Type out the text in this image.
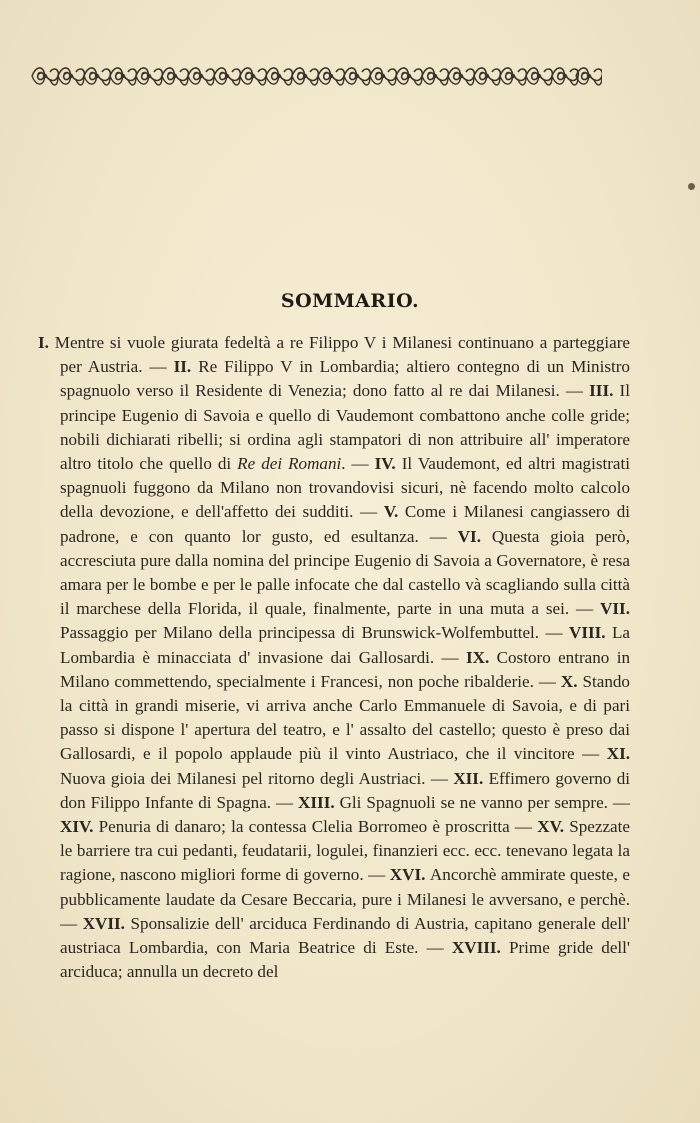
SOMMARIO.
I. Mentre si vuole giurata fedeltà a re Filippo V i Milanesi continuano a parteggiare per Austria. — II. Re Filippo V in Lombardia; altiero contegno di un Ministro spagnuolo verso il Residente di Venezia; dono fatto al re dai Milanesi. — III. Il principe Eugenio di Savoia e quello di Vaudemont combattono anche colle gride; nobili dichiarati ribelli; si ordina agli stampatori di non attribuire all' imperatore altro titolo che quello di Re dei Romani. — IV. Il Vaudemont, ed altri magistrati spagnuoli fuggono da Milano non trovandovisi sicuri, nè facendo molto calcolo della devozione, e dell'affetto dei sudditi. — V. Come i Milanesi cangiassero di padrone, e con quanto lor gusto, ed esultanza. — VI. Questa gioia però, accresciuta pure dalla nomina del principe Eugenio di Savoia a Governatore, è resa amara per le bombe e per le palle infocate che dal castello và scagliando sulla città il marchese della Florida, il quale, finalmente, parte in una muta a sei. — VII. Passaggio per Milano della principessa di Brunswick-Wolfembuttel. — VIII. La Lombardia è minacciata d' invasione dai Gallosardi. — IX. Costoro entrano in Milano commettendo, specialmente i Francesi, non poche ribalderie. — X. Stando la città in grandi miserie, vi arriva anche Carlo Emmanuele di Savoia, e di pari passo si dispone l' apertura del teatro, e l' assalto del castello; questo è preso dai Gallosardi, e il popolo applaude più il vinto Austriaco, che il vincitore — XI. Nuova gioia dei Milanesi pel ritorno degli Austriaci. — XII. Effimero governo di don Filippo Infante di Spagna. — XIII. Gli Spagnuoli se ne vanno per sempre. — XIV. Penuria di danaro; la contessa Clelia Borromeo è proscritta — XV. Spezzate le barriere tra cui pedanti, feudatarii, logulei, finanzieri ecc. ecc. tenevano legata la ragione, nascono migliori forme di governo. — XVI. Ancorchè ammirate queste, e pubblicamente laudate da Cesare Beccaria, pure i Milanesi le avversano, e perchè. — XVII. Sponsalizie dell' arciduca Ferdinando di Austria, capitano generale dell' austriaca Lombardia, con Maria Beatrice di Este. — XVIII. Prime gride dell' arciduca; annulla un decreto del
